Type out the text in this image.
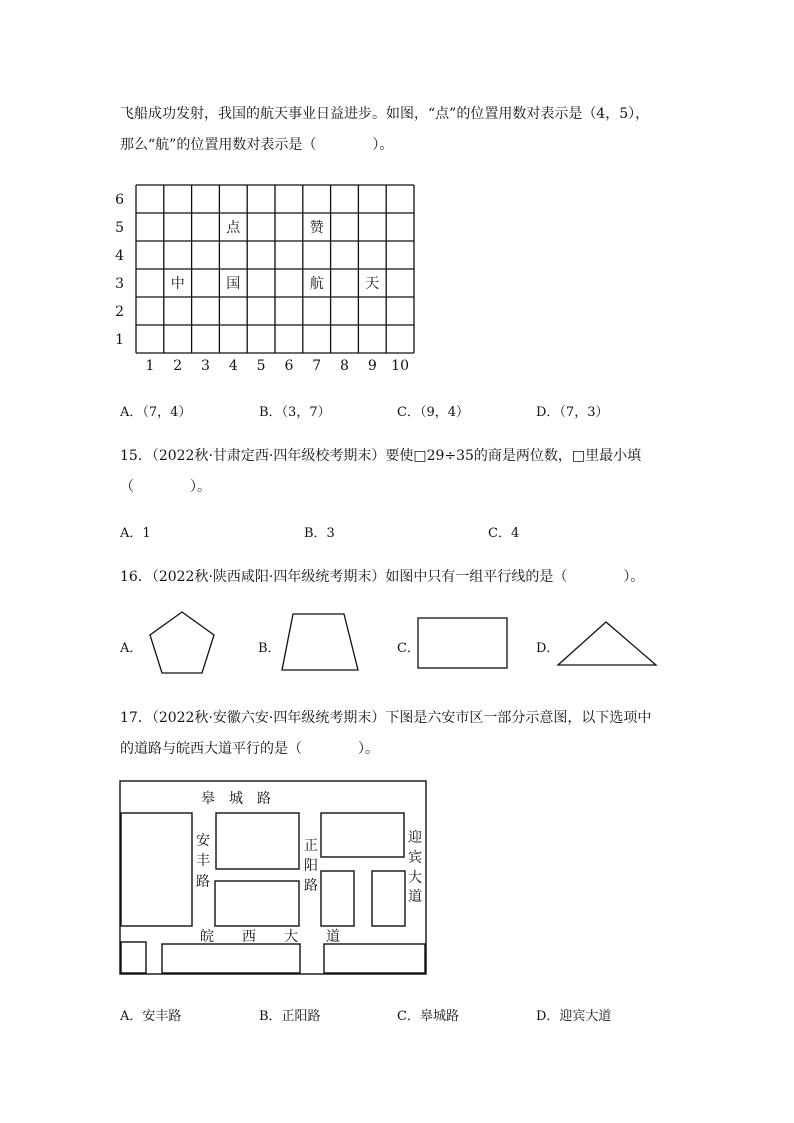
飞船成功发射，我国的航天事业日益进步。如图，“点”的位置用数对表示是（4，5），
那么“航”的位置用数对表示是（　　　　）。
6
5
4
3
2
1
1 2 3 4 5 6 7 8 9 10
点	赞
中	国	航	天
A．（7，4）	B．（3，7）	C．（9，4）	D．（7，3）
15．（2022秋·甘肃定西·四年级校考期末）要使□29÷35的商是两位数，□里最小填
（　　　　）。
A．1	B．3	C．4
16．（2022秋·陕西咸阳·四年级统考期末）如图中只有一组平行线的是（　　　　）。
A．	B．	C．	D．
17．（2022秋·安徽六安·四年级统考期末）下图是六安市区一部分示意图，以下选项中
的道路与皖西大道平行的是（　　　　）。
皋　城　路
安
丰
路
正
阳
路
迎
宾
大
道
皖　　西　　大　　道
A．安丰路	B．正阳路	C．皋城路	D．迎宾大道
